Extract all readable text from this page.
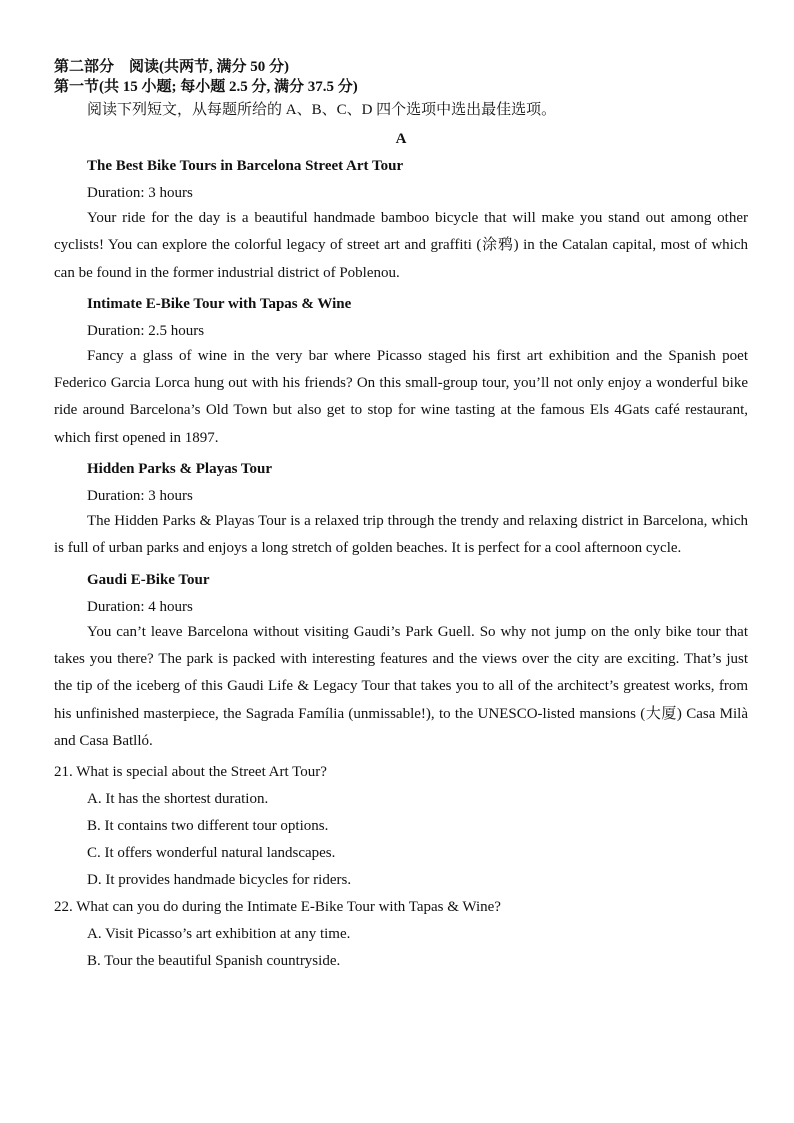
第二部分　阅读(共两节, 满分 50 分)
第一节(共 15 小题; 每小题 2.5 分, 满分 37.5 分)
阅读下列短文，从每题所给的 A、B、C、D 四个选项中选出最佳选项。
A
The Best Bike Tours in Barcelona Street Art Tour
Duration: 3 hours
Your ride for the day is a beautiful handmade bamboo bicycle that will make you stand out among other cyclists! You can explore the colorful legacy of street art and graffiti (涂鸦) in the Catalan capital, most of which can be found in the former industrial district of Poblenou.
Intimate E-Bike Tour with Tapas & Wine
Duration: 2.5 hours
Fancy a glass of wine in the very bar where Picasso staged his first art exhibition and the Spanish poet Federico Garcia Lorca hung out with his friends? On this small-group tour, you’ll not only enjoy a wonderful bike ride around Barcelona’s Old Town but also get to stop for wine tasting at the famous Els 4Gats café restaurant, which first opened in 1897.
Hidden Parks & Playas Tour
Duration: 3 hours
The Hidden Parks & Playas Tour is a relaxed trip through the trendy and relaxing district in Barcelona, which is full of urban parks and enjoys a long stretch of golden beaches. It is perfect for a cool afternoon cycle.
Gaudi E-Bike Tour
Duration: 4 hours
You can’t leave Barcelona without visiting Gaudi’s Park Guell. So why not jump on the only bike tour that takes you there? The park is packed with interesting features and the views over the city are exciting. That’s just the tip of the iceberg of this Gaudi Life & Legacy Tour that takes you to all of the architect’s greatest works, from his unfinished masterpiece, the Sagrada Família (unmissable!), to the UNESCO-listed mansions (大厦) Casa Milà and Casa Batlló.
21. What is special about the Street Art Tour?
A. It has the shortest duration.
B. It contains two different tour options.
C. It offers wonderful natural landscapes.
D. It provides handmade bicycles for riders.
22. What can you do during the Intimate E-Bike Tour with Tapas & Wine?
A. Visit Picasso’s art exhibition at any time.
B. Tour the beautiful Spanish countryside.
